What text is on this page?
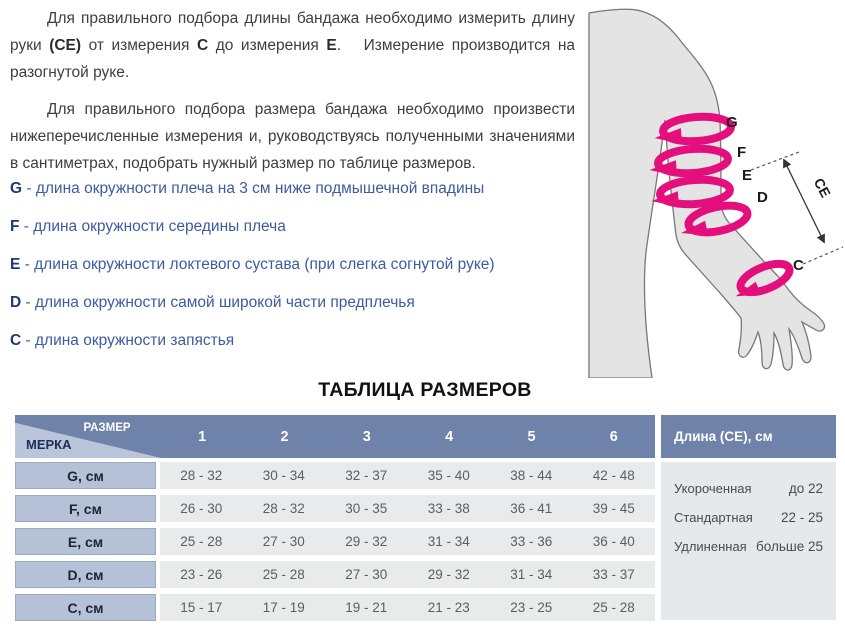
Для правильного подбора длины бандажа необходимо измерить длину руки (CE) от измерения C до измерения E.   Измерение производится на разогнутой руке.

Для правильного подбора размера бандажа необходимо произвести нижеперечисленные измерения и, руководствуясь полученными значениями в сантиметрах, подобрать нужный размер по таблице размеров.

G - длина окружности плеча на 3 см ниже подмышечной впадины
F - длина окружности середины плеча
E - длина окружности локтевого сустава (при слегка согнутой руке)
D - длина окружности самой широкой части предплечья
C - длина окружности запястья
G
F
E
D
C
CE
ТАБЛИЦА РАЗМЕРОВ
РАЗМЕР
МЕРКА	1	2	3	4	5	6	Длина (CE), см
G, см	28 - 32	30 - 34	32 - 37	35 - 40	38 - 44	42 - 48
F, см	26 - 30	28 - 32	30 - 35	33 - 38	36 - 41	39 - 45
E, см	25 - 28	27 - 30	29 - 32	31 - 34	33 - 36	36 - 40
D, см	23 - 26	25 - 28	27 - 30	29 - 32	31 - 34	33 - 37
C, см	15 - 17	17 - 19	19 - 21	21 - 23	23 - 25	25 - 28
Укороченная	до 22
Стандартная 22 - 25
Удлиненная больше 25
